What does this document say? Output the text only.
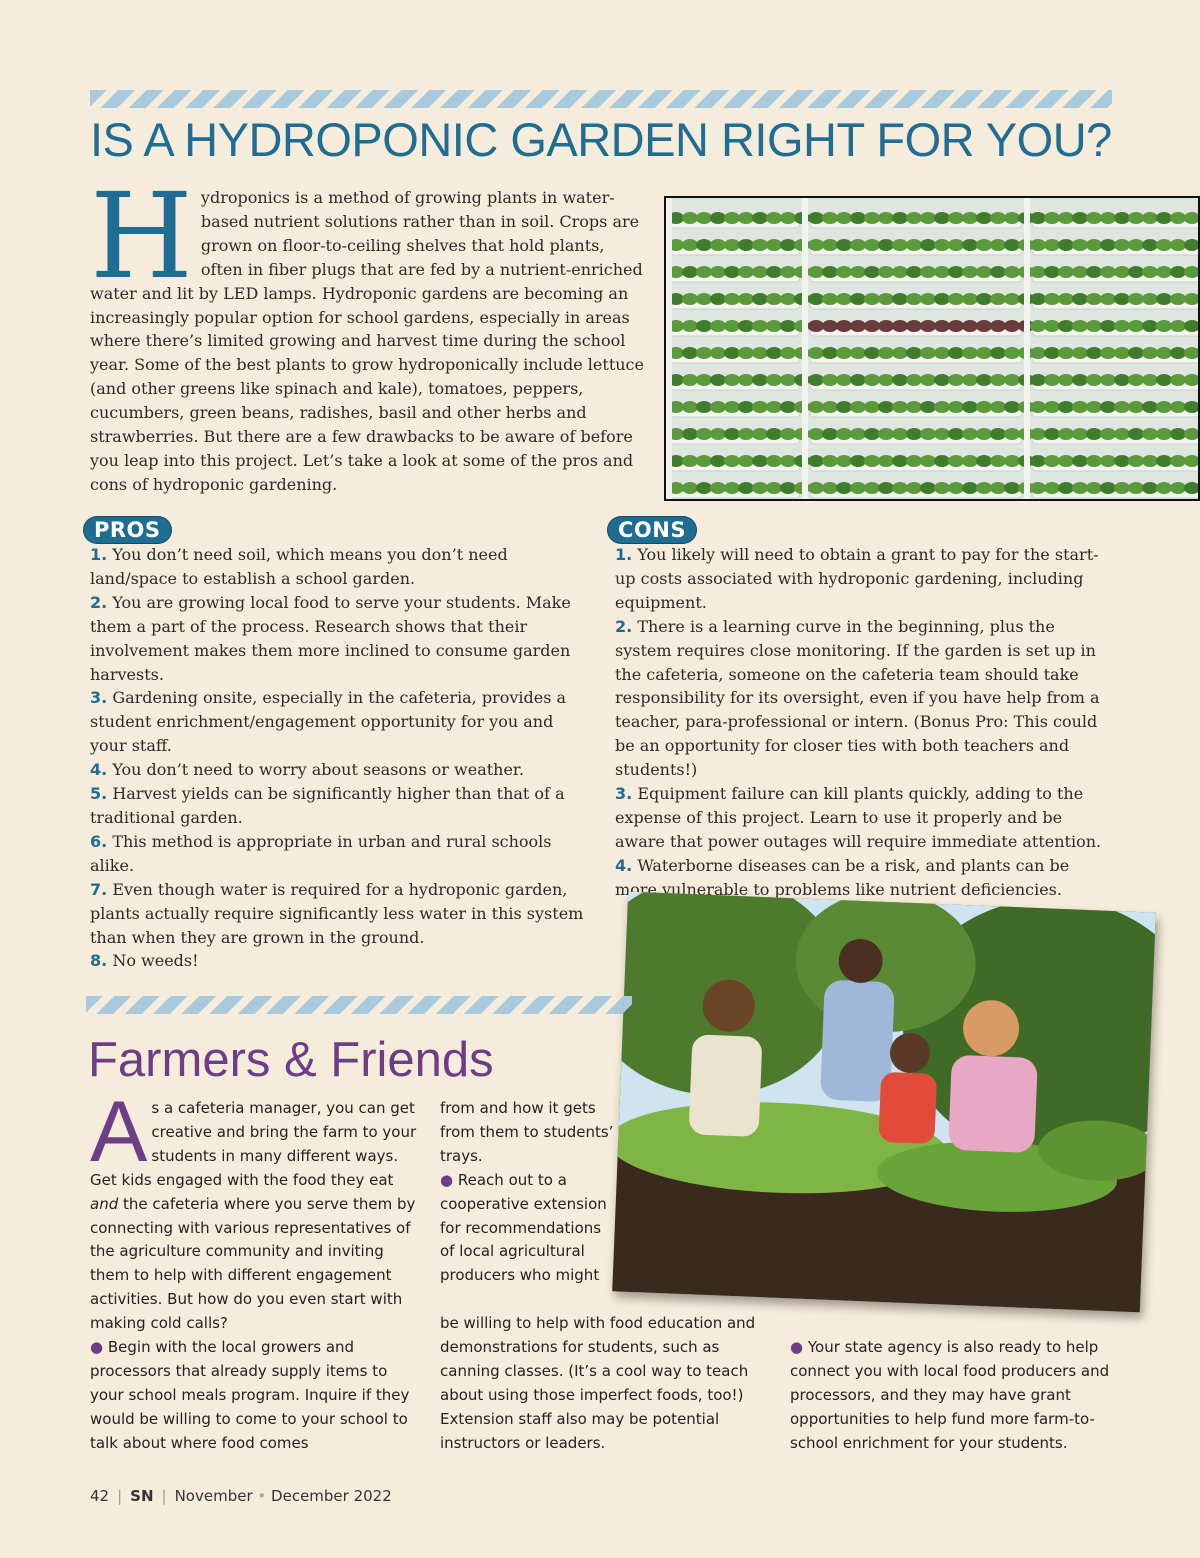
IS A HYDROPONIC GARDEN RIGHT FOR YOU?

Hydroponics is a method of growing plants in water-based nutrient solutions rather than in soil. Crops are grown on floor-to-ceiling shelves that hold plants, often in fiber plugs that are fed by a nutrient-enriched water and lit by LED lamps. Hydroponic gardens are becoming an increasingly popular option for school gardens, especially in areas where there’s limited growing and harvest time during the school year. Some of the best plants to grow hydroponically include lettuce (and other greens like spinach and kale), tomatoes, peppers, cucumbers, green beans, radishes, basil and other herbs and strawberries. But there are a few drawbacks to be aware of before you leap into this project. Let’s take a look at some of the pros and cons of hydroponic gardening.

PROS
1. You don’t need soil, which means you don’t need land/space to establish a school garden.
2. You are growing local food to serve your students. Make them a part of the process. Research shows that their involvement makes them more inclined to consume garden harvests.
3. Gardening onsite, especially in the cafeteria, provides a student enrichment/engagement opportunity for you and your staff.
4. You don’t need to worry about seasons or weather.
5. Harvest yields can be significantly higher than that of a traditional garden.
6. This method is appropriate in urban and rural schools alike.
7. Even though water is required for a hydroponic garden, plants actually require significantly less water in this system than when they are grown in the ground.
8. No weeds!
CONS
1. You likely will need to obtain a grant to pay for the start-up costs associated with hydroponic gardening, including equipment.
2. There is a learning curve in the beginning, plus the system requires close monitoring. If the garden is set up in the cafeteria, someone on the cafeteria team should take responsibility for its oversight, even if you have help from a teacher, para-professional or intern. (Bonus Pro: This could be an opportunity for closer ties with both teachers and students!)
3. Equipment failure can kill plants quickly, adding to the expense of this project. Learn to use it properly and be aware that power outages will require immediate attention.
4. Waterborne diseases can be a risk, and plants can be more vulnerable to problems like nutrient deficiencies.
Farmers & Friends
As a cafeteria manager, you can get creative and bring the farm to your students in many different ways. Get kids engaged with the food they eat and the cafeteria where you serve them by connecting with various representatives of the agriculture community and inviting them to help with different engagement activities. But how do you even start with making cold calls?
● Begin with the local growers and processors that already supply items to your school meals program. Inquire if they would be willing to come to your school to talk about where food comes
from and how it gets from them to students’ trays.
● Reach out to a cooperative extension for recommendations of local agricultural producers who might
be willing to help with food education and demonstrations for students, such as canning classes. (It’s a cool way to teach about using those imperfect foods, too!) Extension staff also may be potential instructors or leaders.
● Your state agency is also ready to help connect you with local food producers and processors, and they may have grant opportunities to help fund more farm-to-school enrichment for your students.
42 | SN | November • December 2022
